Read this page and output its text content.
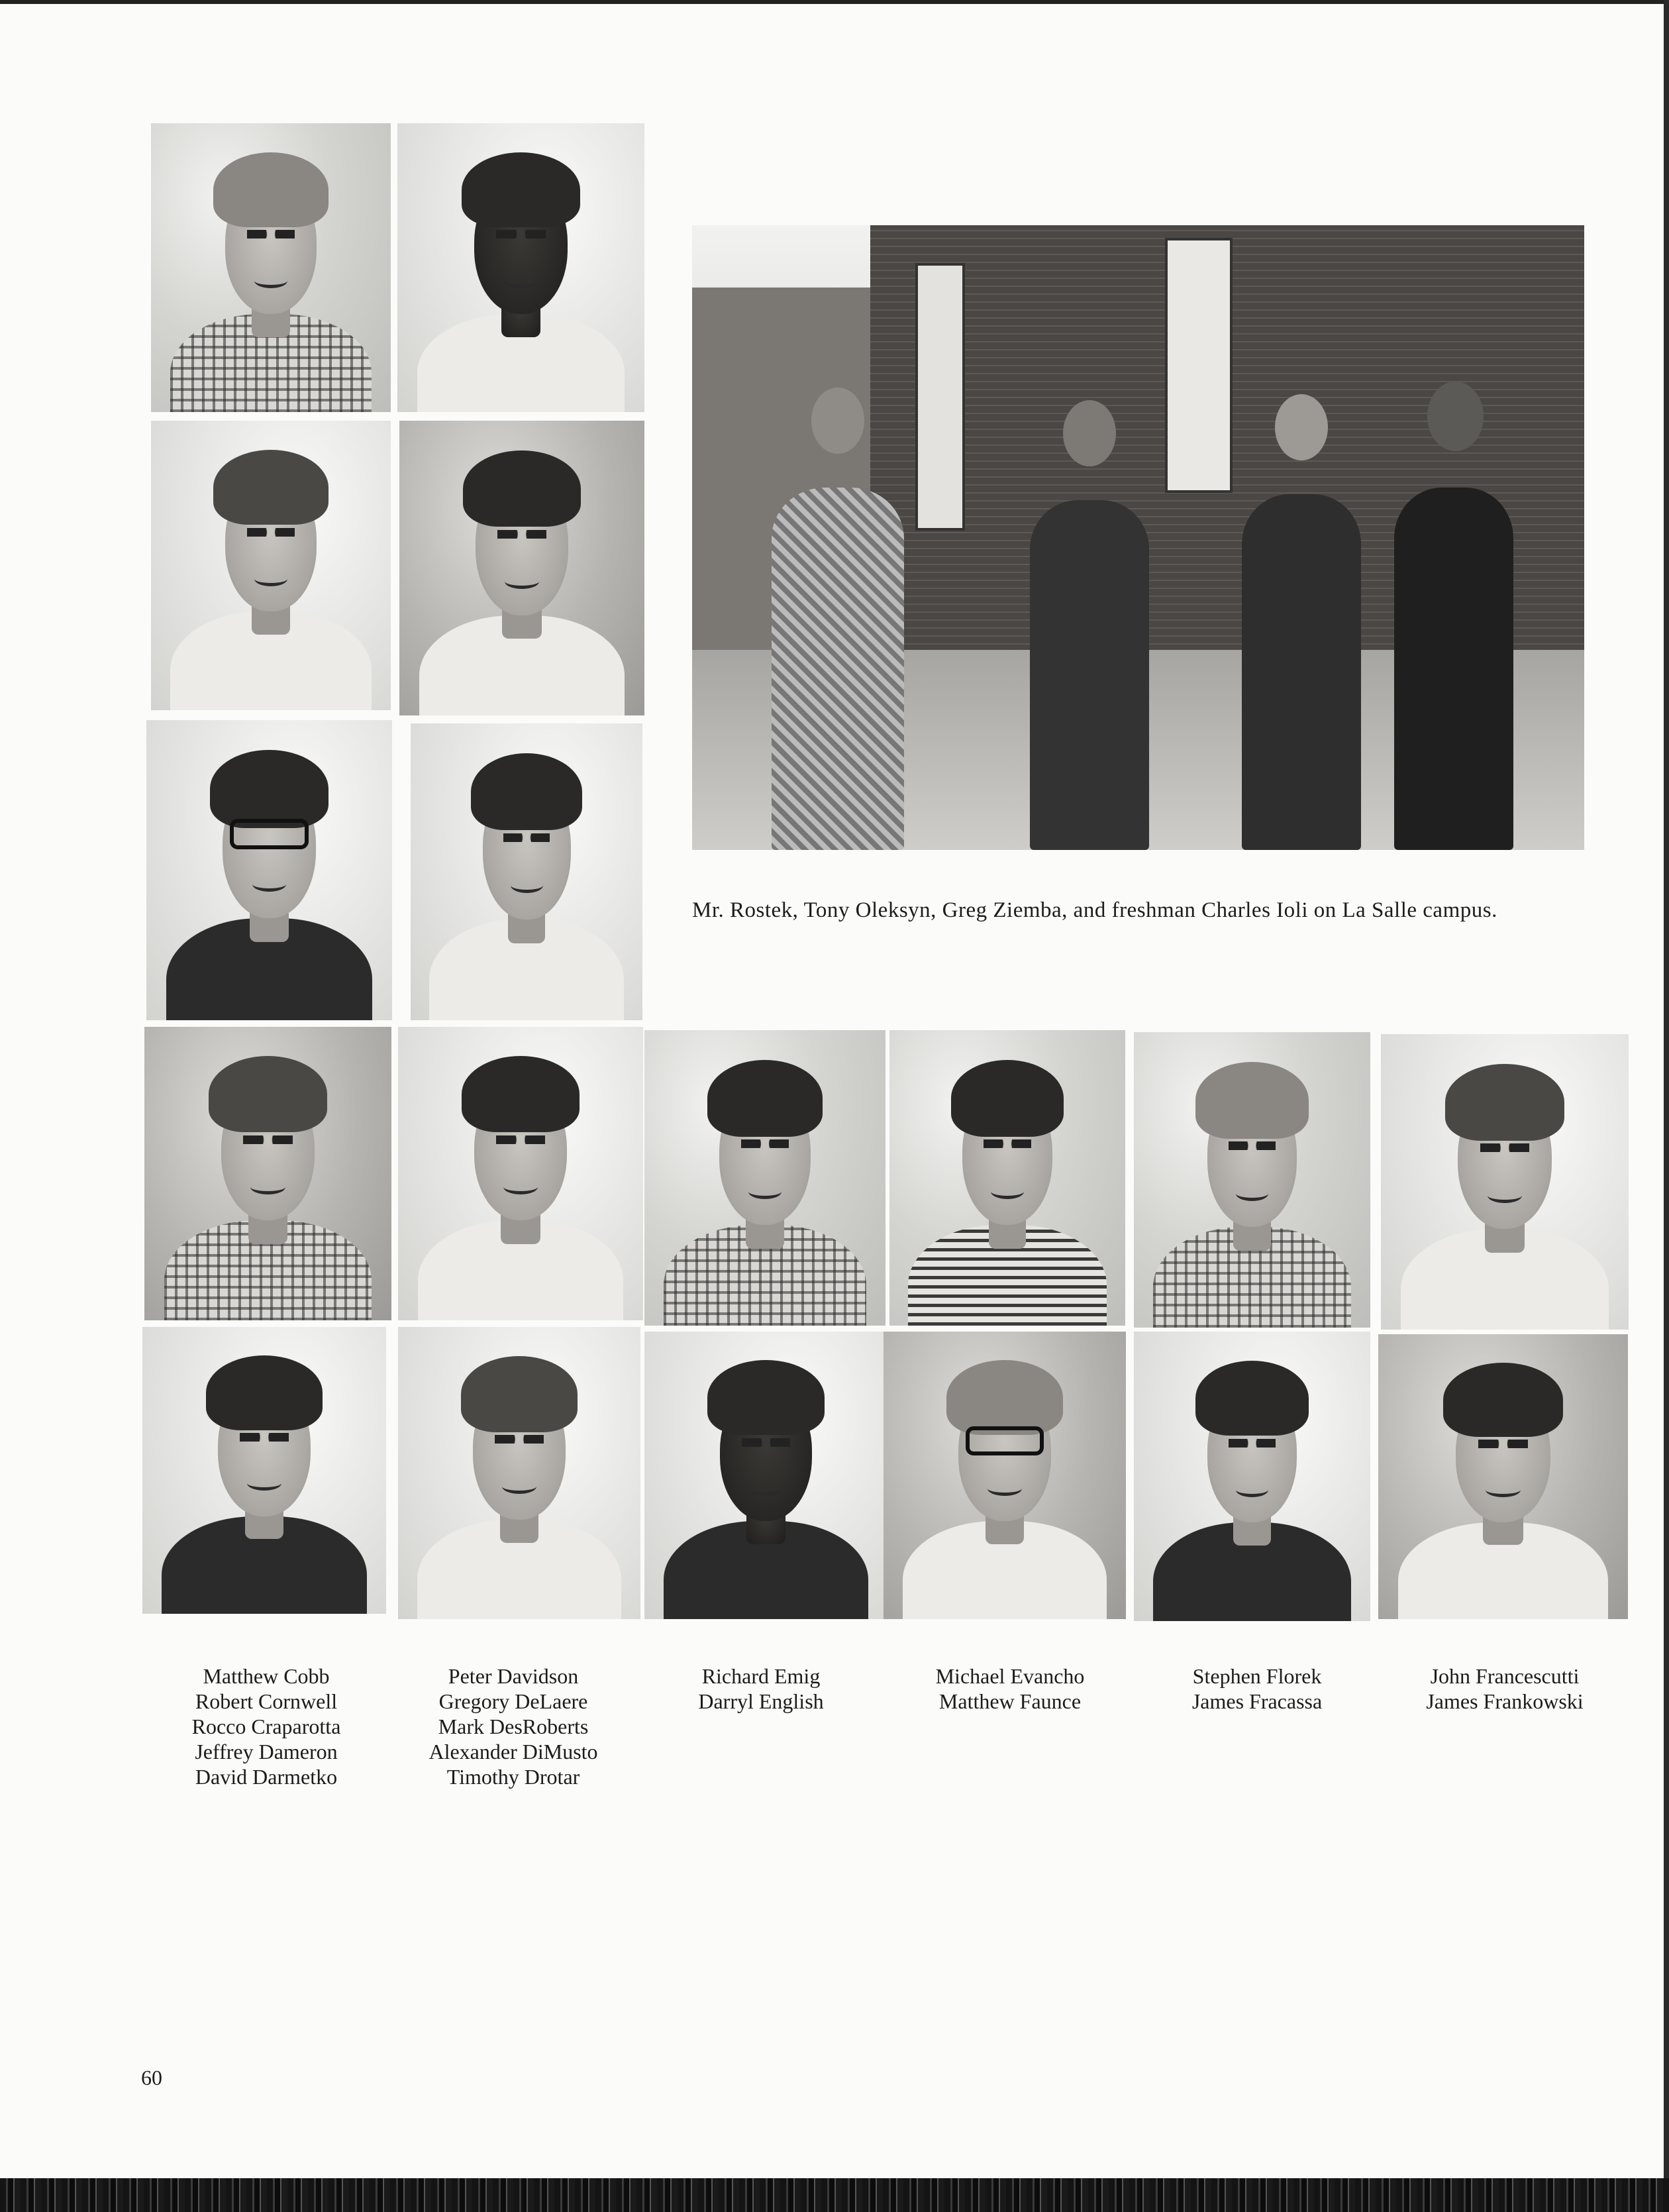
Mr. Rostek, Tony Oleksyn, Greg Ziemba, and freshman Charles Ioli on La Salle campus.
Matthew Cobb
Robert Cornwell
Rocco Craparotta
Jeffrey Dameron
David Darmetko
Peter Davidson
Gregory DeLaere
Mark DesRoberts
Alexander DiMusto
Timothy Drotar
Richard Emig
Darryl English
Michael Evancho
Matthew Faunce
Stephen Florek
James Fracassa
John Francescutti
James Frankowski
60
